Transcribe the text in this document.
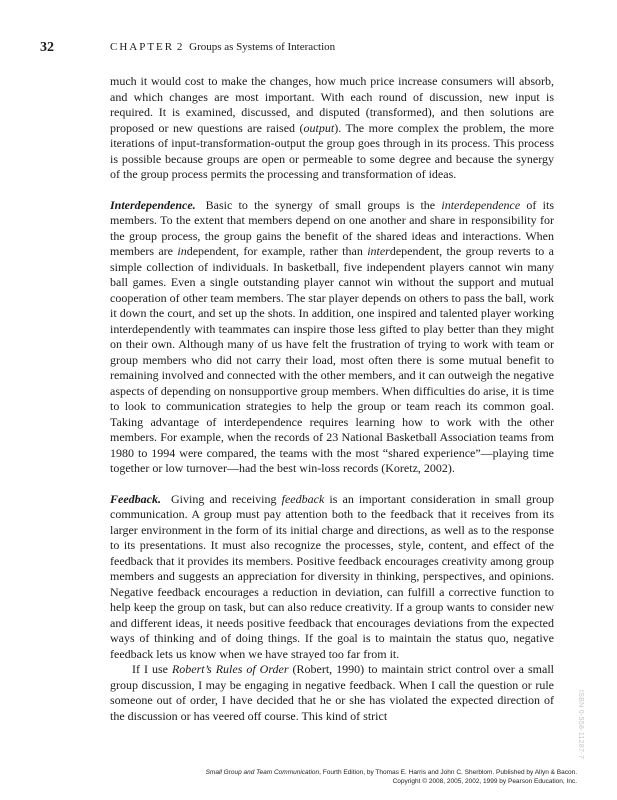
32	CHAPTER 2 Groups as Systems of Interaction

much it would cost to make the changes, how much price increase consumers will absorb, and which changes are most important. With each round of discussion, new input is required. It is examined, discussed, and disputed (transformed), and then solutions are proposed or new questions are raised (output). The more complex the problem, the more iterations of input-transformation-output the group goes through in its process. This process is possible because groups are open or permeable to some degree and because the synergy of the group process permits the processing and transformation of ideas.

Interdependence. Basic to the synergy of small groups is the interdependence of its members. To the extent that members depend on one another and share in responsibility for the group process, the group gains the benefit of the shared ideas and interactions. When members are independent, for example, rather than interdependent, the group reverts to a simple collection of individuals. In basketball, five independent players cannot win many ball games. Even a single outstanding player cannot win without the support and mutual cooperation of other team members. The star player depends on others to pass the ball, work it down the court, and set up the shots. In addition, one inspired and talented player working interdependently with teammates can inspire those less gifted to play better than they might on their own. Although many of us have felt the frustration of trying to work with team or group members who did not carry their load, most often there is some mutual benefit to remaining involved and connected with the other members, and it can outweigh the negative aspects of depending on nonsupportive group members. When difficulties do arise, it is time to look to communication strategies to help the group or team reach its common goal. Taking advantage of interdependence requires learning how to work with the other members. For example, when the records of 23 National Basketball Association teams from 1980 to 1994 were compared, the teams with the most “shared experience”—playing time together or low turnover—had the best win-loss records (Koretz, 2002).

Feedback. Giving and receiving feedback is an important consideration in small group communication. A group must pay attention both to the feedback that it receives from its larger environment in the form of its initial charge and directions, as well as to the response to its presentations. It must also recognize the processes, style, content, and effect of the feedback that it provides its members. Positive feedback encourages creativity among group members and suggests an appreciation for diversity in thinking, perspectives, and opinions. Negative feedback encourages a reduction in deviation, can fulfill a corrective function to help keep the group on task, but can also reduce creativity. If a group wants to consider new and different ideas, it needs positive feedback that encourages deviations from the expected ways of thinking and of doing things. If the goal is to maintain the status quo, negative feedback lets us know when we have strayed too far from it.

If I use Robert’s Rules of Order (Robert, 1990) to maintain strict control over a small group discussion, I may be engaging in negative feedback. When I call the question or rule someone out of order, I have decided that he or she has violated the expected direction of the discussion or has veered off course. This kind of strict	ISBN 0-558-11287-7
Small Group and Team Communication, Fourth Edition, by Thomas E. Harris and John C. Sherblom. Published by Allyn & Bacon.
Copyright © 2008, 2005, 2002, 1999 by Pearson Education, Inc.
